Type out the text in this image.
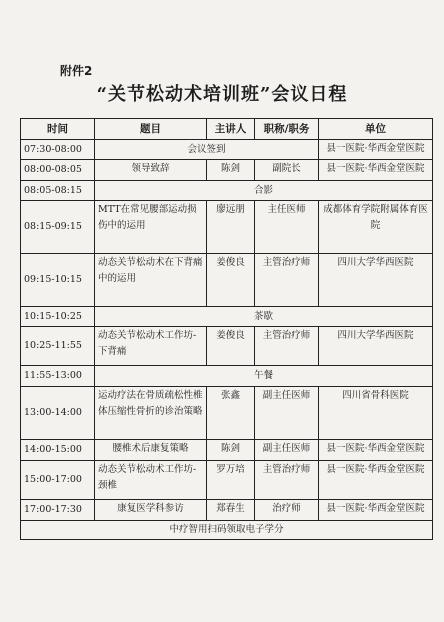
附件2
“关节松动术培训班”会议日程
时间	题目	主讲人	职称/职务	单位
07:30-08:00	会议签到			县一医院·华西金堂医院
08:00-08:05	领导致辞	陈剑	副院长	县一医院·华西金堂医院
08:05-08:15	合影			
08:15-09:15	MTT在常见腰部运动损伤中的运用	廖远朋	主任医师	成都体育学院附属体育医院
09:15-10:15	动态关节松动术在下背痛中的运用	姜俊良	主管治疗师	四川大学华西医院
10:15-10:25	茶歇			
10:25-11:55	动态关节松动术工作坊-下背痛	姜俊良	主管治疗师	四川大学华西医院
11:55-13:00	午餐			
13:00-14:00	运动疗法在骨质疏松性椎体压缩性骨折的诊治策略	张鑫	副主任医师	四川省骨科医院
14:00-15:00	腰椎术后康复策略	陈剑	副主任医师	县一医院·华西金堂医院
15:00-17:00	动态关节松动术工作坊-颈椎	罗万培	主管治疗师	县一医院·华西金堂医院
17:00-17:30	康复医学科参访	郑春生	治疗师	县一医院·华西金堂医院
中疗智用扫码领取电子学分				
